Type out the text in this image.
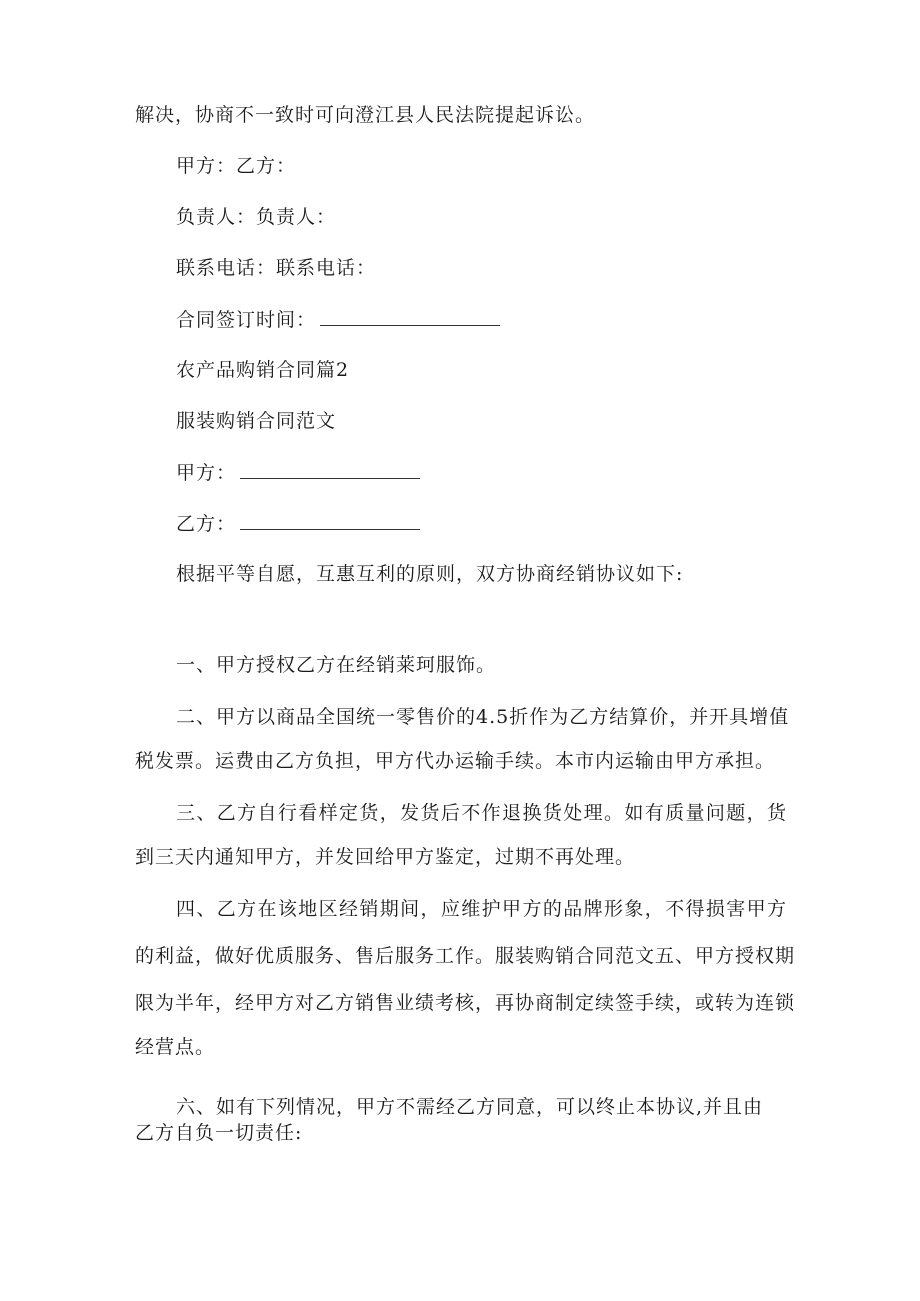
解决，协商不一致时可向澄江县人民法院提起诉讼。
甲方：乙方：
负责人：负责人：
联系电话：联系电话：
合同签订时间：
农产品购销合同篇2
服装购销合同范文
甲方：
乙方：
根据平等自愿，互惠互利的原则，双方协商经销协议如下:
一、甲方授权乙方在经销莱珂服饰。
二、甲方以商品全国统一零售价的4.5折作为乙方结算价，并开具增值
税发票。运费由乙方负担，甲方代办运输手续。本市内运输由甲方承担。
三、乙方自行看样定货，发货后不作退换货处理。如有质量问题，货
到三天内通知甲方，并发回给甲方鉴定，过期不再处理。
四、乙方在该地区经销期间，应维护甲方的品牌形象，不得损害甲方
的利益，做好优质服务、售后服务工作。服装购销合同范文五、甲方授权期
限为半年，经甲方对乙方销售业绩考核，再协商制定续签手续，或转为连锁
经营点。
六、如有下列情况，甲方不需经乙方同意，可以终止本协议,并且由
乙方自负一切责任:
